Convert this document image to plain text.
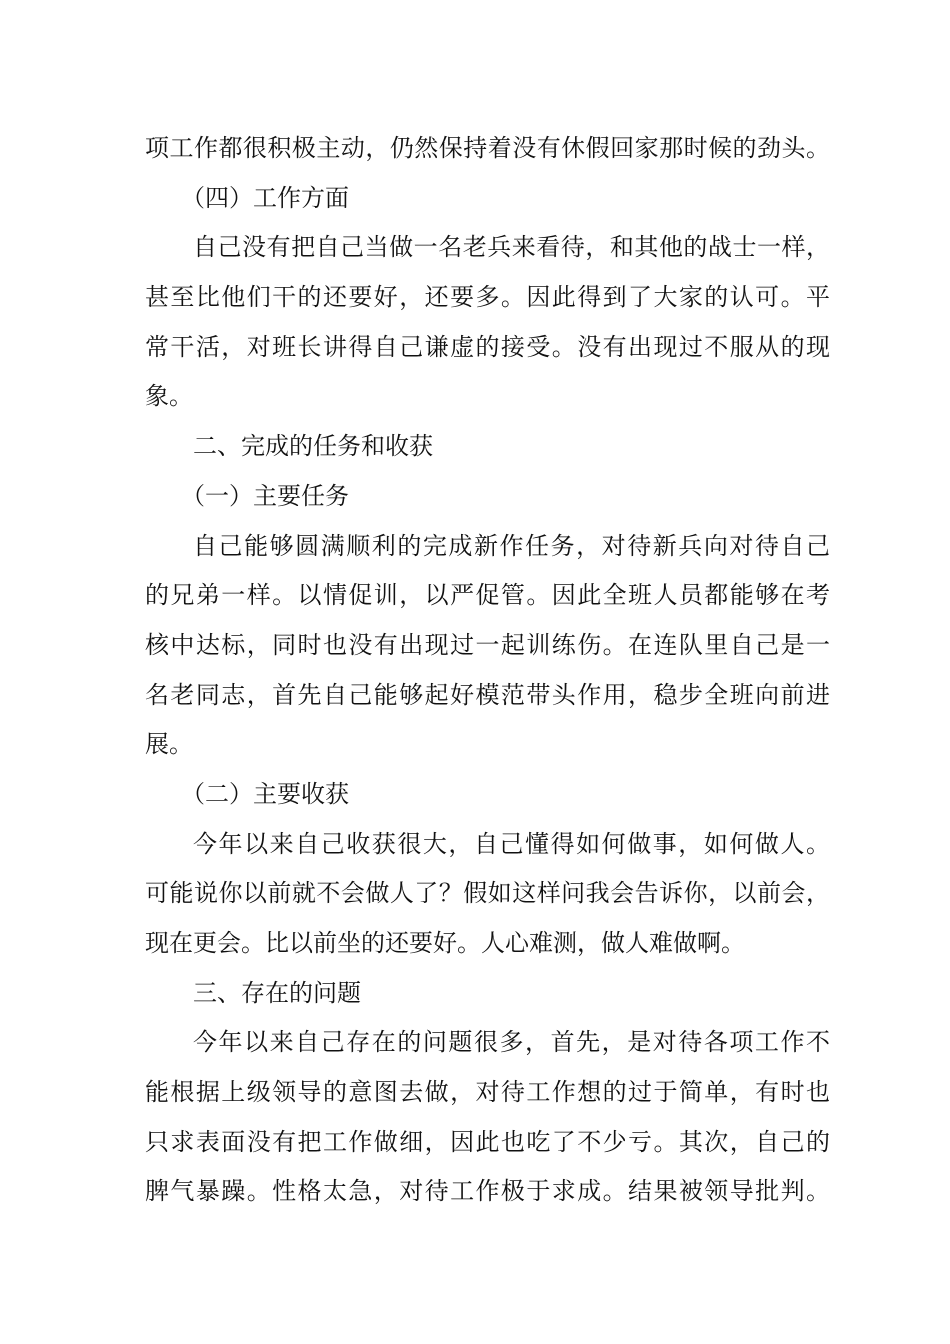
项工作都很积极主动，仍然保持着没有休假回家那时候的劲头。
（四）工作方面
自己没有把自己当做一名老兵来看待，和其他的战士一样，
甚至比他们干的还要好，还要多。因此得到了大家的认可。平
常干活，对班长讲得自己谦虚的接受。没有出现过不服从的现
象。
二、完成的任务和收获
（一）主要任务
自己能够圆满顺利的完成新作任务，对待新兵向对待自己
的兄弟一样。以情促训，以严促管。因此全班人员都能够在考
核中达标，同时也没有出现过一起训练伤。在连队里自己是一
名老同志，首先自己能够起好模范带头作用，稳步全班向前进
展。
（二）主要收获
今年以来自己收获很大，自己懂得如何做事，如何做人。
可能说你以前就不会做人了？假如这样问我会告诉你，以前会，
现在更会。比以前坐的还要好。人心难测，做人难做啊。
三、存在的问题
今年以来自己存在的问题很多，首先，是对待各项工作不
能根据上级领导的意图去做，对待工作想的过于简单，有时也
只求表面没有把工作做细，因此也吃了不少亏。其次，自己的
脾气暴躁。性格太急，对待工作极于求成。结果被领导批判。
